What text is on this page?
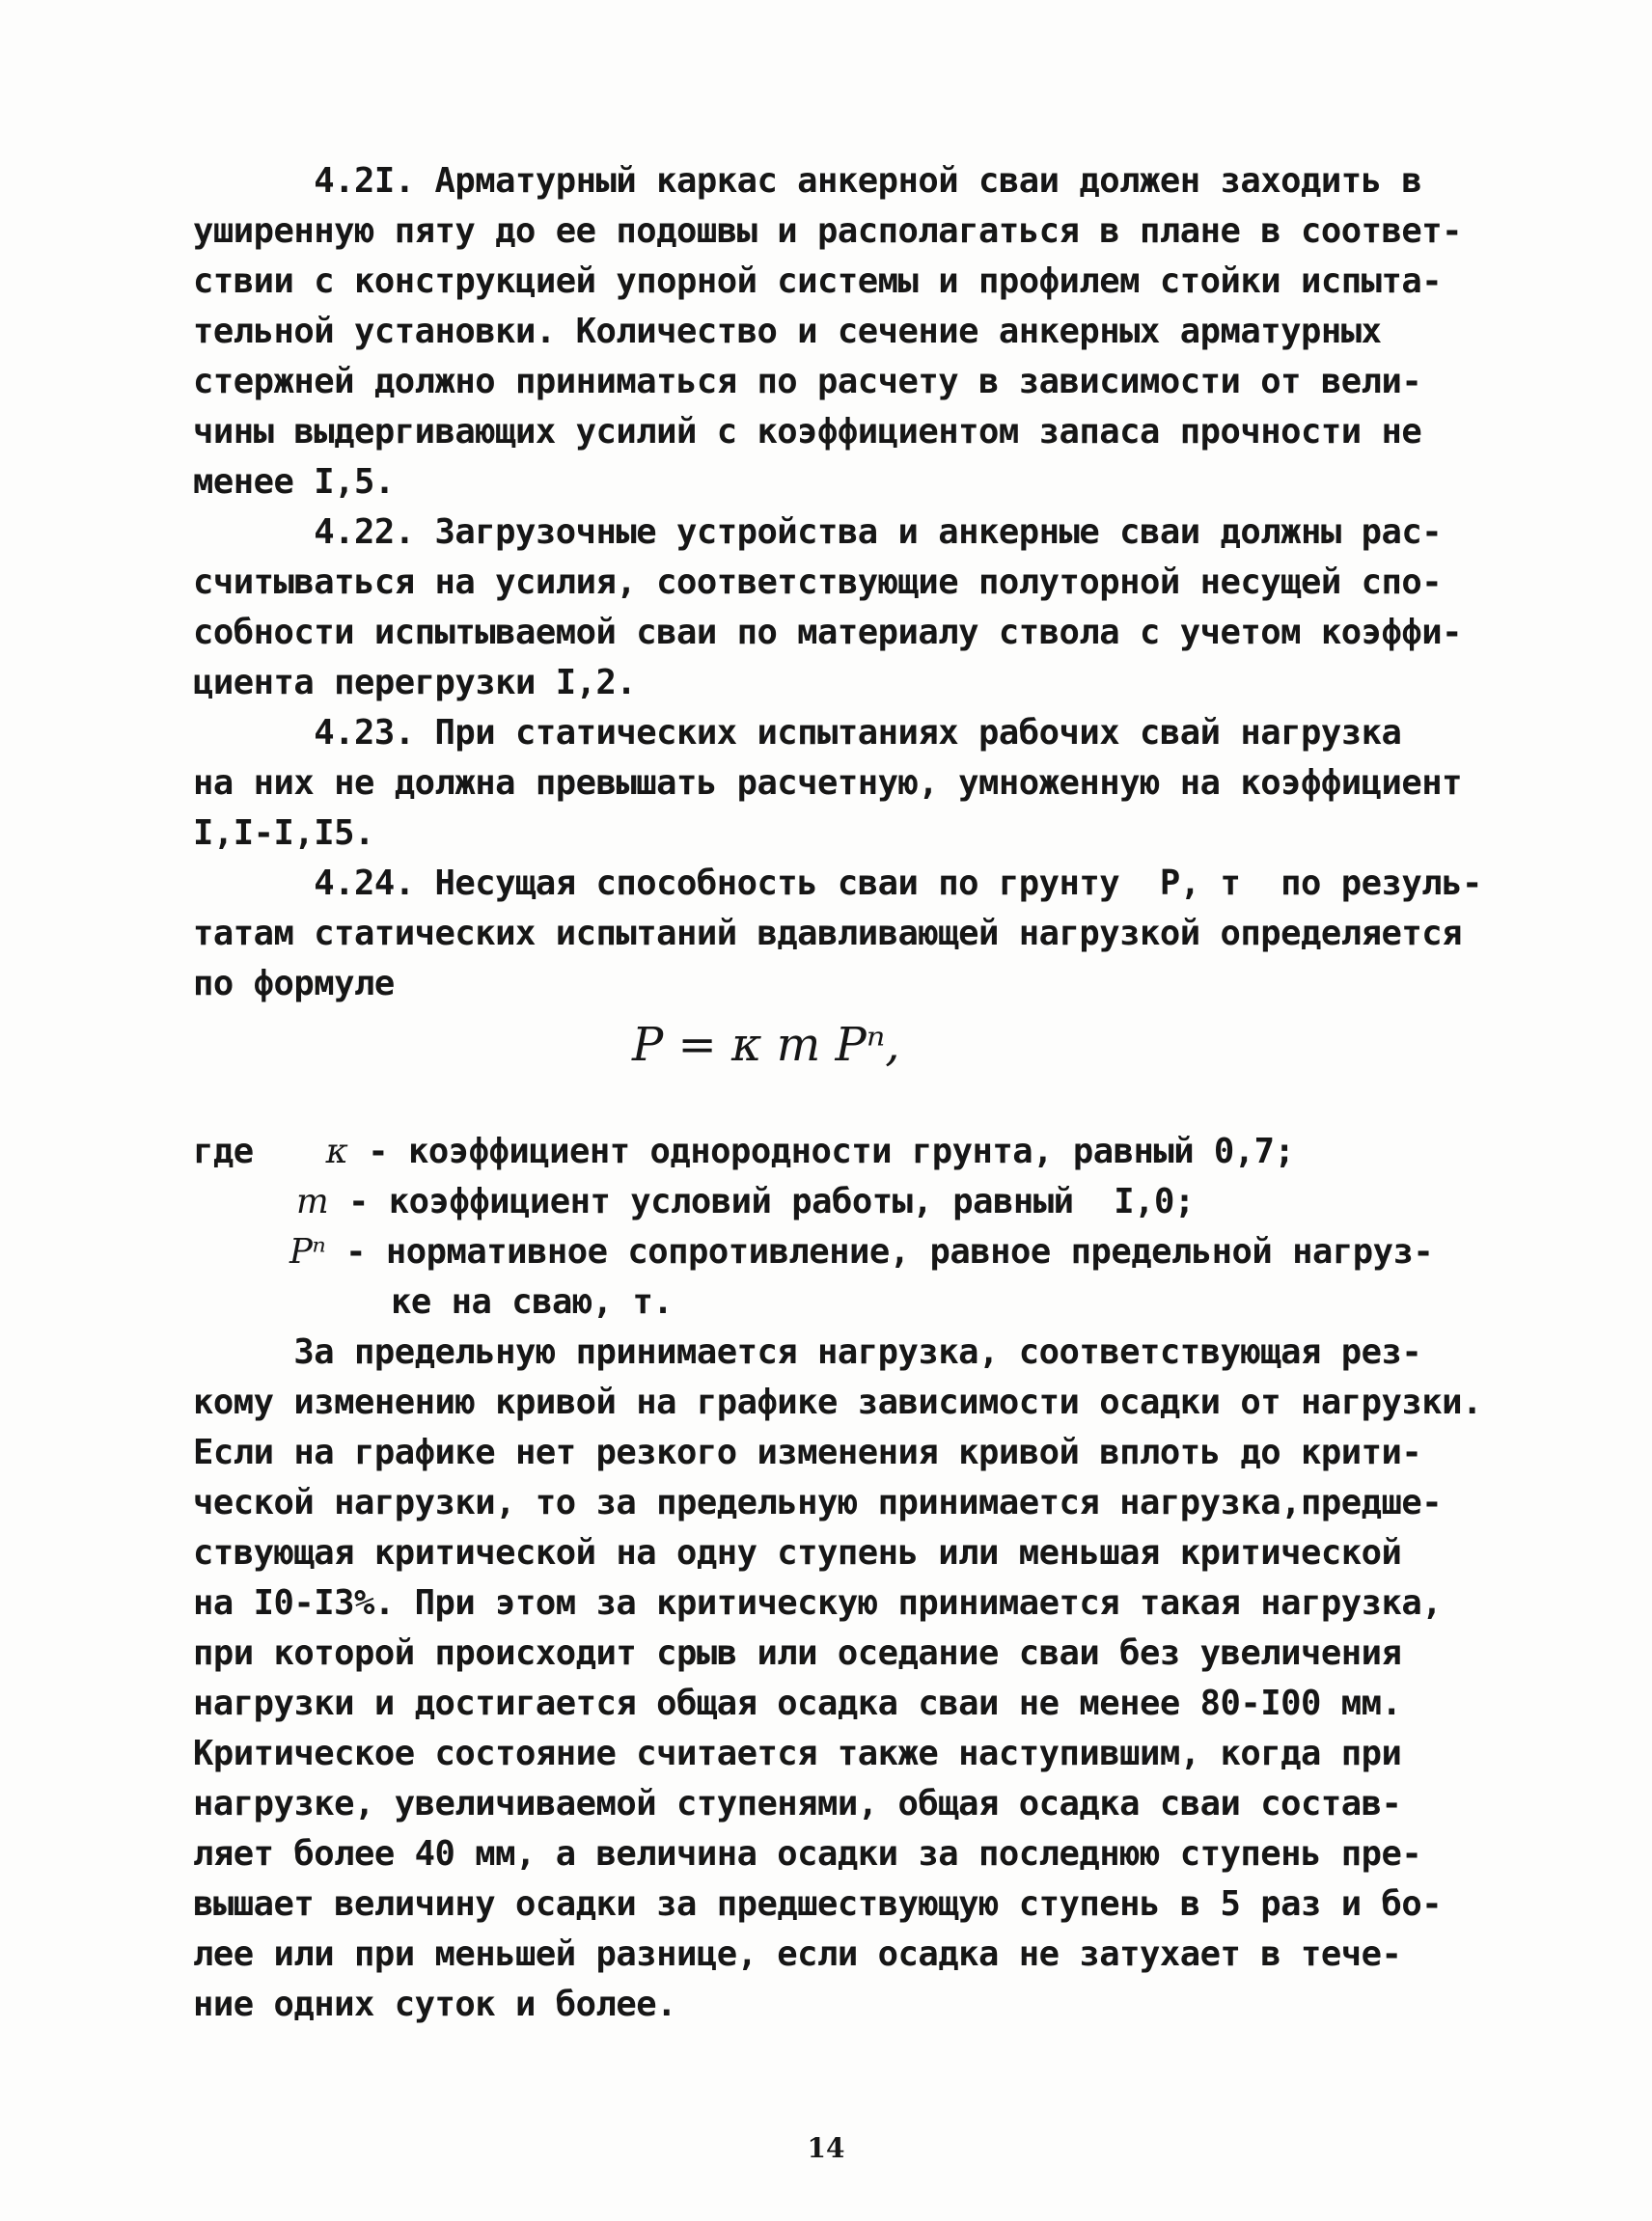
4.2I. Арматурный каркас анкерной сваи должен заходить в
уширенную пяту до ее подошвы и располагаться в плане в соответ-
ствии с конструкцией упорной системы и профилем стойки испыта-
тельной установки. Количество и сечение анкерных арматурных
стержней должно приниматься по расчету в зависимости от вели-
чины выдергивающих усилий с коэффициентом запаса прочности не
менее I,5.
4.22. Загрузочные устройства и анкерные сваи должны рас-
считываться на усилия, соответствующие полуторной несущей спо-
собности испытываемой сваи по материалу ствола с учетом коэффи-
циента перегрузки I,2.
4.23. При статических испытаниях рабочих свай нагрузка
на них не должна превышать расчетную, умноженную на коэффициент
I,I-I,I5.
4.24. Несущая способность сваи по грунту  Р, т  по резуль-
татам статических испытаний вдавливающей нагрузкой определяется
по формуле
P = κ m Pⁿ,
где κ - коэффициент однородности грунта, равный 0,7;
m - коэффициент условий работы, равный  I,0;
Pⁿ - нормативное сопротивление, равное предельной нагруз-
ке на сваю, т.
За предельную принимается нагрузка, соответствующая рез-
кому изменению кривой на графике зависимости осадки от нагрузки.
Если на графике нет резкого изменения кривой вплоть до крити-
ческой нагрузки, то за предельную принимается нагрузка,предше-
ствующая критической на одну ступень или меньшая критической
на I0-I3%. При этом за критическую принимается такая нагрузка,
при которой происходит срыв или оседание сваи без увеличения
нагрузки и достигается общая осадка сваи не менее 80-I00 мм.
Критическое состояние считается также наступившим, когда при
нагрузке, увеличиваемой ступенями, общая осадка сваи состав-
ляет более 40 мм, а величина осадки за последнюю ступень пре-
вышает величину осадки за предшествующую ступень в 5 раз и бо-
лее или при меньшей разнице, если осадка не затухает в тече-
ние одних суток и более.
14
